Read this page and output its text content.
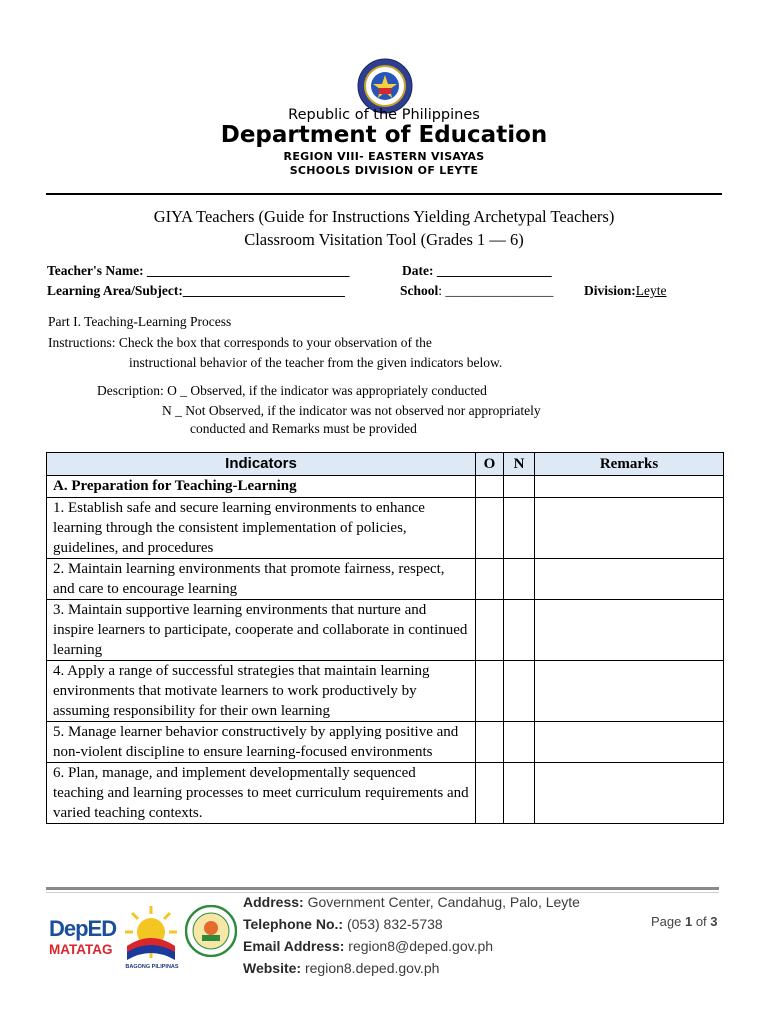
Republic of the Philippines
Department of Education
REGION VIII- EASTERN VISAYAS
SCHOOLS DIVISION OF LEYTE
GIYA Teachers (Guide for Instructions Yielding Archetypal Teachers)
Classroom Visitation Tool (Grades 1 — 6)
Teacher's Name: ______________________________	Date: _________________
Learning Area/Subject:________________________	School: ________________ Division:Leyte
Part I. Teaching-Learning Process
Instructions: Check the box that corresponds to your observation of the
instructional behavior of the teacher from the given indicators below.
Description: O _ Observed, if the indicator was appropriately conducted
N _ Not Observed, if the indicator was not observed nor appropriately
conducted and Remarks must be provided
Indicators	O	N	Remarks
A. Preparation for Teaching-Learning			
1. Establish safe and secure learning environments to enhance learning through the consistent implementation of policies, guidelines, and procedures			
2. Maintain learning environments that promote fairness, respect, and care to encourage learning			
3. Maintain supportive learning environments that nurture and inspire learners to participate, cooperate and collaborate in continued learning			
4. Apply a range of successful strategies that maintain learning environments that motivate learners to work productively by assuming responsibility for their own learning			
5. Manage learner behavior constructively by applying positive and non-violent discipline to ensure learning-focused environments			
6. Plan, manage, and implement developmentally sequenced teaching and learning processes to meet curriculum requirements and varied teaching contexts.			
DepED
MATATAG
BAGONG PILIPINAS
Address: Government Center, Candahug, Palo, Leyte
Telephone No.: (053) 832-5738
Email Address: region8@deped.gov.ph
Website: region8.deped.gov.ph
Page 1 of 3
